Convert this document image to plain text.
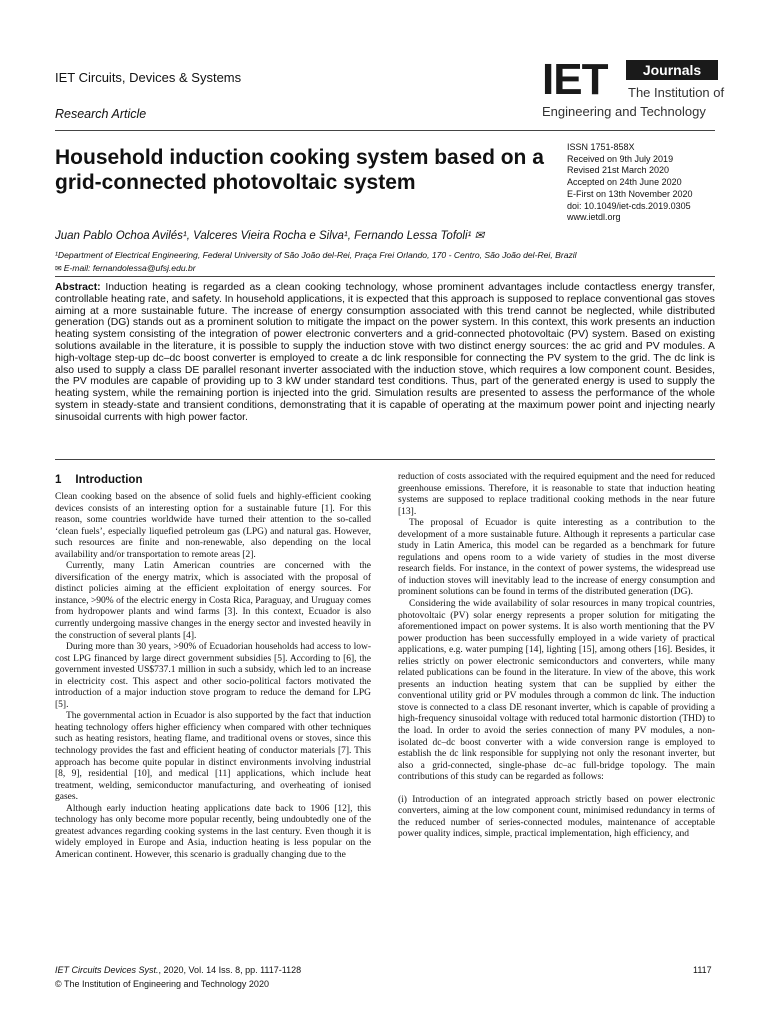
IET Circuits, Devices & Systems
Research Article
IET	Journals
The Institution of
Engineering and Technology
Household induction cooking system based on a grid-connected photovoltaic system
ISSN 1751-858X
Received on 9th July 2019
Revised 21st March 2020
Accepted on 24th June 2020
E-First on 13th November 2020
doi: 10.1049/iet-cds.2019.0305
www.ietdl.org
Juan Pablo Ochoa Avilés¹, Valceres Vieira Rocha e Silva¹, Fernando Lessa Tofoli¹ ✉
¹Department of Electrical Engineering, Federal University of São João del-Rei, Praça Frei Orlando, 170 - Centro, São João del-Rei, Brazil
✉ E-mail: fernandolessa@ufsj.edu.br
Abstract: Induction heating is regarded as a clean cooking technology, whose prominent advantages include contactless energy transfer, controllable heating rate, and safety. In household applications, it is expected that this approach is supposed to replace conventional gas stoves aiming at a more sustainable future. The increase of energy consumption associated with this trend cannot be neglected, while distributed generation (DG) stands out as a prominent solution to mitigate the impact on the power system. In this context, this work presents an induction heating system consisting of the integration of power electronic converters and a grid-connected photovoltaic (PV) system. Based on existing solutions available in the literature, it is possible to supply the induction stove with two distinct energy sources: the ac grid and PV modules. A high-voltage step-up dc–dc boost converter is employed to create a dc link responsible for connecting the PV system to the grid. The dc link is also used to supply a class DE parallel resonant inverter associated with the induction stove, which requires a low component count. Besides, the PV modules are capable of providing up to 3 kW under standard test conditions. Thus, part of the generated energy is used to supply the heating system, while the remaining portion is injected into the grid. Simulation results are presented to assess the performance of the whole system in steady-state and transient conditions, demonstrating that it is capable of operating at the maximum power point and injecting nearly sinusoidal currents with high power factor.
1 Introduction

Clean cooking based on the absence of solid fuels and highly-efficient cooking devices consists of an interesting option for a sustainable future [1]. For this reason, some countries worldwide have turned their attention to the so-called ‘clean fuels’, especially liquefied petroleum gas (LPG) and natural gas. However, such resources are finite and non-renewable, also depending on the local availability and/or transportation to remote areas [2].

Currently, many Latin American countries are concerned with the diversification of the energy matrix, which is associated with the proposal of distinct policies aiming at the efficient exploitation of energy sources. For instance, >90% of the electric energy in Costa Rica, Paraguay, and Uruguay comes from hydropower plants and wind farms [3]. In this context, Ecuador is also currently undergoing massive changes in the energy sector and invested heavily in the construction of several plants [4].

During more than 30 years, >90% of Ecuadorian households had access to low-cost LPG financed by large direct government subsidies [5]. According to [6], the government invested US$737.1 million in such a subsidy, which led to an increase in electricity cost. This aspect and other socio-political factors motivated the introduction of a major induction stove program to reduce the demand for LPG [5].

The governmental action in Ecuador is also supported by the fact that induction heating technology offers higher efficiency when compared with other techniques such as heating resistors, heating flame, and traditional ovens or stoves, since this technology provides the fast and efficient heating of conductor materials [7]. This approach has become quite popular in distinct environments involving industrial [8, 9], residential [10], and medical [11] applications, which include heat treatment, welding, semiconductor manufacturing, and overheating of ionised gases.

Although early induction heating applications date back to 1906 [12], this technology has only become more popular recently, being undoubtedly one of the greatest advances regarding cooking systems in the last century. Even though it is widely employed in Europe and Asia, induction heating is less popular on the American continent. However, this scenario is gradually changing due to the

reduction of costs associated with the required equipment and the need for reduced greenhouse emissions. Therefore, it is reasonable to state that induction heating systems are supposed to replace traditional cooking methods in the near future [13].

The proposal of Ecuador is quite interesting as a contribution to the development of a more sustainable future. Although it represents a particular case study in Latin America, this model can be regarded as a benchmark for future regulations and opens room to a wide variety of studies in the most diverse research fields. For instance, in the context of power systems, the widespread use of induction stoves will inevitably lead to the increase of energy consumption and prominent solutions can be found in terms of the distributed generation (DG).

Considering the wide availability of solar resources in many tropical countries, photovoltaic (PV) solar energy represents a proper solution for mitigating the aforementioned impact on power systems. It is also worth mentioning that the PV power production has been successfully employed in a wide variety of practical applications, e.g. water pumping [14], lighting [15], among others [16]. Besides, it relies strictly on power electronic semiconductors and converters, while many related publications can be found in the literature. In view of the above, this work presents an induction heating system that can be supplied by either the conventional utility grid or PV modules through a common dc link. The induction stove is connected to a class DE resonant inverter, which is capable of providing a high-frequency sinusoidal voltage with reduced total harmonic distortion (THD) to the load. In order to avoid the series connection of many PV modules, a non-isolated dc–dc boost converter with a wide conversion range is employed to establish the dc link responsible for supplying not only the resonant inverter, but also a grid-connected, single-phase dc–ac full-bridge topology. The main contributions of this study can be regarded as follows:

(i) Introduction of an integrated approach strictly based on power electronic converters, aiming at the low component count, minimised redundancy in terms of the reduced number of series-connected modules, maintenance of acceptable power quality indices, simple, practical implementation, high efficiency, and

IET Circuits Devices Syst., 2020, Vol. 14 Iss. 8, pp. 1117-1128
© The Institution of Engineering and Technology 2020
1117
